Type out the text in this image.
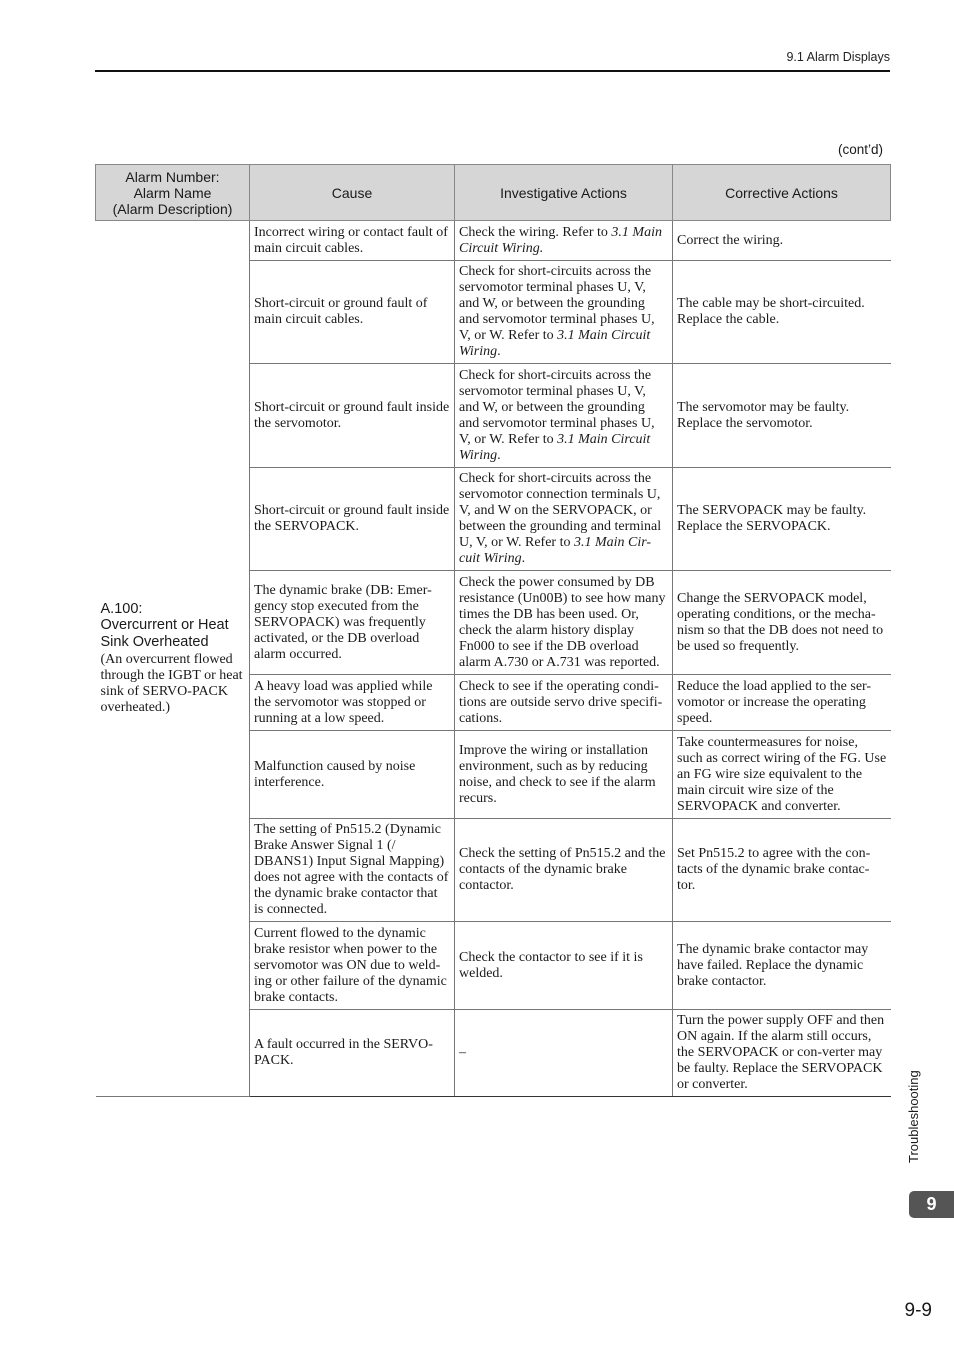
9.1 Alarm Displays
(cont’d)
Alarm Number:
Alarm Name
(Alarm Description)	Cause	Investigative Actions	Corrective Actions

A.100:
Overcurrent or Heat Sink Overheated
(An overcurrent flowed through the IGBT or heat sink of SERVO-PACK overheated.)	Incorrect wiring or contact fault of main circuit cables.	Check the wiring. Refer to 3.1 Main Circuit Wiring.	Correct the wiring.
	Short-circuit or ground fault of main circuit cables.	Check for short-circuits across the servomotor terminal phases U, V, and W, or between the grounding and servomotor terminal phases U, V, or W. Refer to 3.1 Main Circuit Wiring.	The cable may be short-circuited. Replace the cable.
	Short-circuit or ground fault inside the servomotor.	Check for short-circuits across the servomotor terminal phases U, V, and W, or between the grounding and servomotor terminal phases U, V, or W. Refer to 3.1 Main Circuit Wiring.	The servomotor may be faulty. Replace the servomotor.
	Short-circuit or ground fault inside the SERVOPACK.	Check for short-circuits across the servomotor connection terminals U, V, and W on the SERVOPACK, or between the grounding and terminal U, V, or W. Refer to 3.1 Main Cir-cuit Wiring.	The SERVOPACK may be faulty. Replace the SERVOPACK.
	The dynamic brake (DB: Emer-gency stop executed from the SERVOPACK) was frequently activated, or the DB overload alarm occurred.	Check the power consumed by DB resistance (Un00B) to see how many times the DB has been used. Or, check the alarm history display Fn000 to see if the DB overload alarm A.730 or A.731 was reported.	Change the SERVOPACK model, operating conditions, or the mecha-nism so that the DB does not need to be used so frequently.
	A heavy load was applied while the servomotor was stopped or running at a low speed.	Check to see if the operating condi-tions are outside servo drive specifi-cations.	Reduce the load applied to the ser-vomotor or increase the operating speed.
	Malfunction caused by noise interference.	Improve the wiring or installation environment, such as by reducing noise, and check to see if the alarm recurs.	Take countermeasures for noise, such as correct wiring of the FG. Use an FG wire size equivalent to the main circuit wire size of the SERVOPACK and converter.
	The setting of Pn515.2 (Dynamic Brake Answer Signal 1 (/ DBANS1) Input Signal Mapping) does not agree with the contacts of the dynamic brake contactor that is connected.	Check the setting of Pn515.2 and the contacts of the dynamic brake contactor.	Set Pn515.2 to agree with the con-tacts of the dynamic brake contac-tor.
	Current flowed to the dynamic brake resistor when power to the servomotor was ON due to weld-ing or other failure of the dynamic brake contacts.	Check the contactor to see if it is welded.	The dynamic brake contactor may have failed. Replace the dynamic brake contactor.
	A fault occurred in the SERVO-PACK.	–	Turn the power supply OFF and then ON again. If the alarm still occurs, the SERVOPACK or con-verter may be faulty. Replace the SERVOPACK or converter.	Troubleshooting
9
9-9
